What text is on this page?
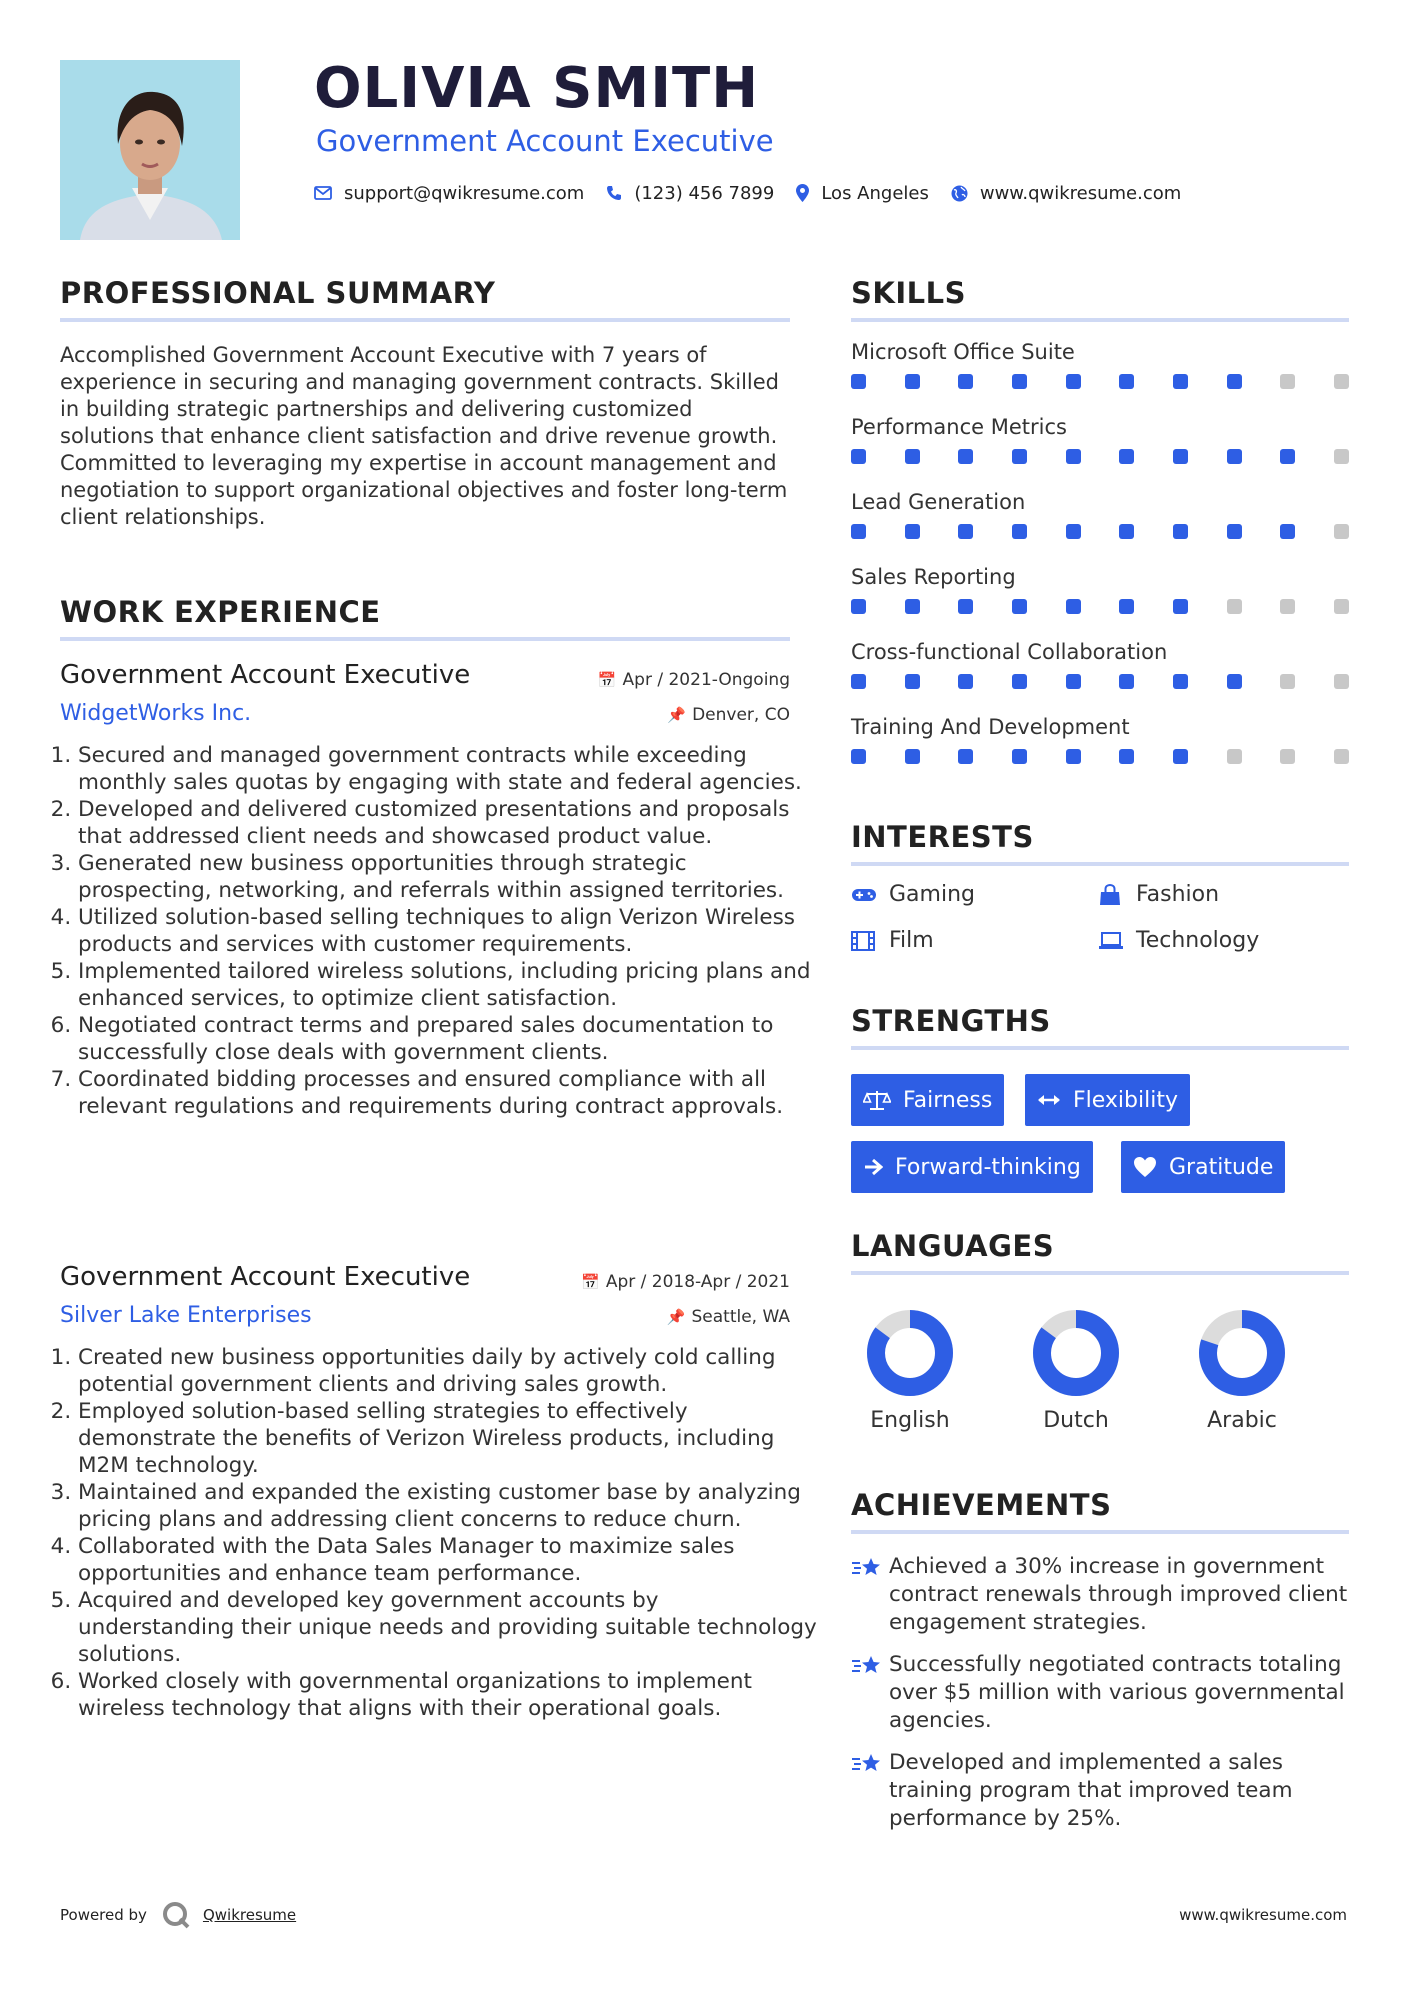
OLIVIA SMITH
Government Account Executive
support@qwikresume.com	(123) 456 7899	Los Angeles	www.qwikresume.com
PROFESSIONAL SUMMARY
Accomplished Government Account Executive with 7 years of experience in securing and managing government contracts. Skilled in building strategic partnerships and delivering customized solutions that enhance client satisfaction and drive revenue growth. Committed to leveraging my expertise in account management and negotiation to support organizational objectives and foster long-term client relationships.
WORK EXPERIENCE
Government Account Executive	📅 Apr / 2021-Ongoing
WidgetWorks Inc.	📌 Denver, CO
1. Secured and managed government contracts while exceeding monthly sales quotas by engaging with state and federal agencies.
2. Developed and delivered customized presentations and proposals that addressed client needs and showcased product value.
3. Generated new business opportunities through strategic prospecting, networking, and referrals within assigned territories.
4. Utilized solution-based selling techniques to align Verizon Wireless products and services with customer requirements.
5. Implemented tailored wireless solutions, including pricing plans and enhanced services, to optimize client satisfaction.
6. Negotiated contract terms and prepared sales documentation to successfully close deals with government clients.
7. Coordinated bidding processes and ensured compliance with all relevant regulations and requirements during contract approvals.
Government Account Executive	📅 Apr / 2018-Apr / 2021
Silver Lake Enterprises	📌 Seattle, WA
1. Created new business opportunities daily by actively cold calling potential government clients and driving sales growth.
2. Employed solution-based selling strategies to effectively demonstrate the benefits of Verizon Wireless products, including M2M technology.
3. Maintained and expanded the existing customer base by analyzing pricing plans and addressing client concerns to reduce churn.
4. Collaborated with the Data Sales Manager to maximize sales opportunities and enhance team performance.
5. Acquired and developed key government accounts by understanding their unique needs and providing suitable technology solutions.
6. Worked closely with governmental organizations to implement wireless technology that aligns with their operational goals.
SKILLS
Microsoft Office Suite
Performance Metrics
Lead Generation
Sales Reporting
Cross-functional Collaboration
Training And Development
INTERESTS
Gaming	Fashion
Film	Technology
STRENGTHS
Fairness	Flexibility
Forward-thinking	Gratitude
LANGUAGES
English	Dutch	Arabic
ACHIEVEMENTS
Achieved a 30% increase in government contract renewals through improved client engagement strategies.
Successfully negotiated contracts totaling over $5 million with various governmental agencies.
Developed and implemented a sales training program that improved team performance by 25%.
Powered by	Qwikresume	www.qwikresume.com
